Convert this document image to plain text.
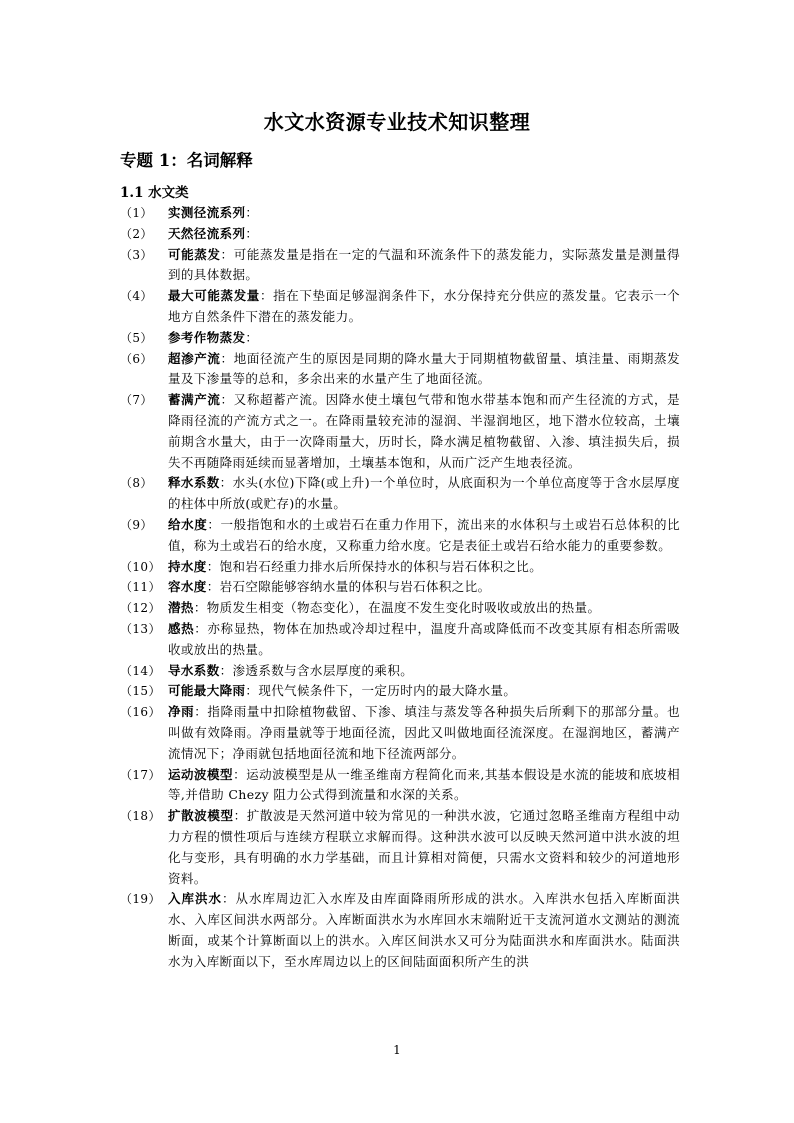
水文水资源专业技术知识整理
专题 1：名词解释
1.1 水文类
（1）	实测径流系列：
（2）	天然径流系列：
（3）	可能蒸发：可能蒸发量是指在一定的气温和环流条件下的蒸发能力，实际蒸发量是测量得到的具体数据。
（4）	最大可能蒸发量：指在下垫面足够湿润条件下，水分保持充分供应的蒸发量。它表示一个地方自然条件下潜在的蒸发能力。
（5）	参考作物蒸发：
（6）	超渗产流：地面径流产生的原因是同期的降水量大于同期植物截留量、填洼量、雨期蒸发量及下渗量等的总和，多余出来的水量产生了地面径流。
（7）	蓄满产流：又称超蓄产流。因降水使土壤包气带和饱水带基本饱和而产生径流的方式，是降雨径流的产流方式之一。在降雨量较充沛的湿润、半湿润地区，地下潜水位较高，土壤前期含水量大，由于一次降雨量大，历时长，降水满足植物截留、入渗、填洼损失后，损失不再随降雨延续而显著增加，土壤基本饱和，从而广泛产生地表径流。
（8）	释水系数：水头(水位)下降(或上升)一个单位时，从底面积为一个单位高度等于含水层厚度的柱体中所放(或贮存)的水量。
（9）	给水度：一般指饱和水的土或岩石在重力作用下，流出来的水体积与土或岩石总体积的比值，称为土或岩石的给水度，又称重力给水度。它是表征土或岩石给水能力的重要参数。
（10） 持水度：饱和岩石经重力排水后所保持水的体积与岩石体积之比。
（11） 容水度：岩石空隙能够容纳水量的体积与岩石体积之比。
（12） 潜热：物质发生相变（物态变化），在温度不发生变化时吸收或放出的热量。
（13） 感热：亦称显热，物体在加热或冷却过程中，温度升高或降低而不改变其原有相态所需吸收或放出的热量。
（14） 导水系数：渗透系数与含水层厚度的乘积。
（15） 可能最大降雨：现代气候条件下，一定历时内的最大降水量。
（16） 净雨：指降雨量中扣除植物截留、下渗、填洼与蒸发等各种损失后所剩下的那部分量。也叫做有效降雨。净雨量就等于地面径流，因此又叫做地面径流深度。在湿润地区，蓄满产流情况下；净雨就包括地面径流和地下径流两部分。
（17） 运动波模型：运动波模型是从一维圣维南方程简化而来,其基本假设是水流的能坡和底坡相等,并借助 Chezy 阻力公式得到流量和水深的关系。
（18） 扩散波模型：扩散波是天然河道中较为常见的一种洪水波，它通过忽略圣维南方程组中动力方程的惯性项后与连续方程联立求解而得。这种洪水波可以反映天然河道中洪水波的坦化与变形，具有明确的水力学基础，而且计算相对简便，只需水文资料和较少的河道地形资料。
（19） 入库洪水：从水库周边汇入水库及由库面降雨所形成的洪水。入库洪水包括入库断面洪水、入库区间洪水两部分。入库断面洪水为水库回水末端附近干支流河道水文测站的测流断面，或某个计算断面以上的洪水。入库区间洪水又可分为陆面洪水和库面洪水。陆面洪水为入库断面以下，至水库周边以上的区间陆面面积所产生的洪
1
